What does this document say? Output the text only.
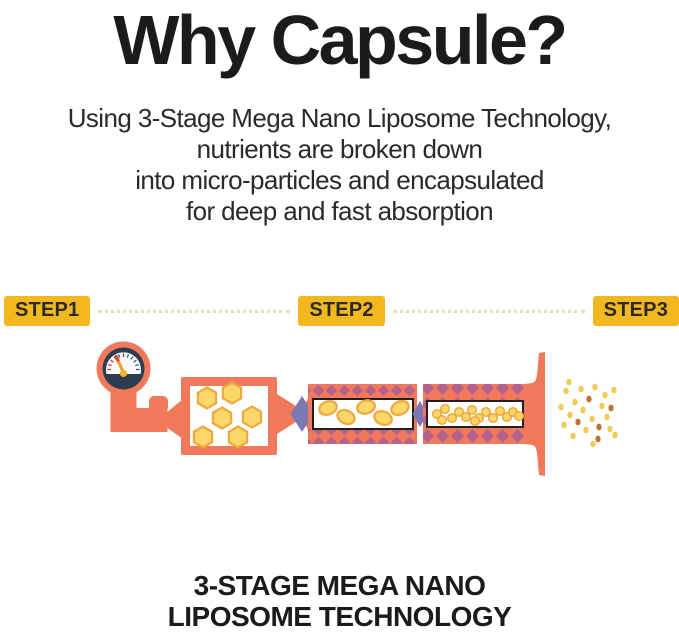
Why Capsule?
Using 3-Stage Mega Nano Liposome Technology,
nutrients are broken down
into micro-particles and encapsulated
for deep and fast absorption
STEP1	STEP2	STEP3
3-STAGE MEGA NANO
LIPOSOME TECHNOLOGY
